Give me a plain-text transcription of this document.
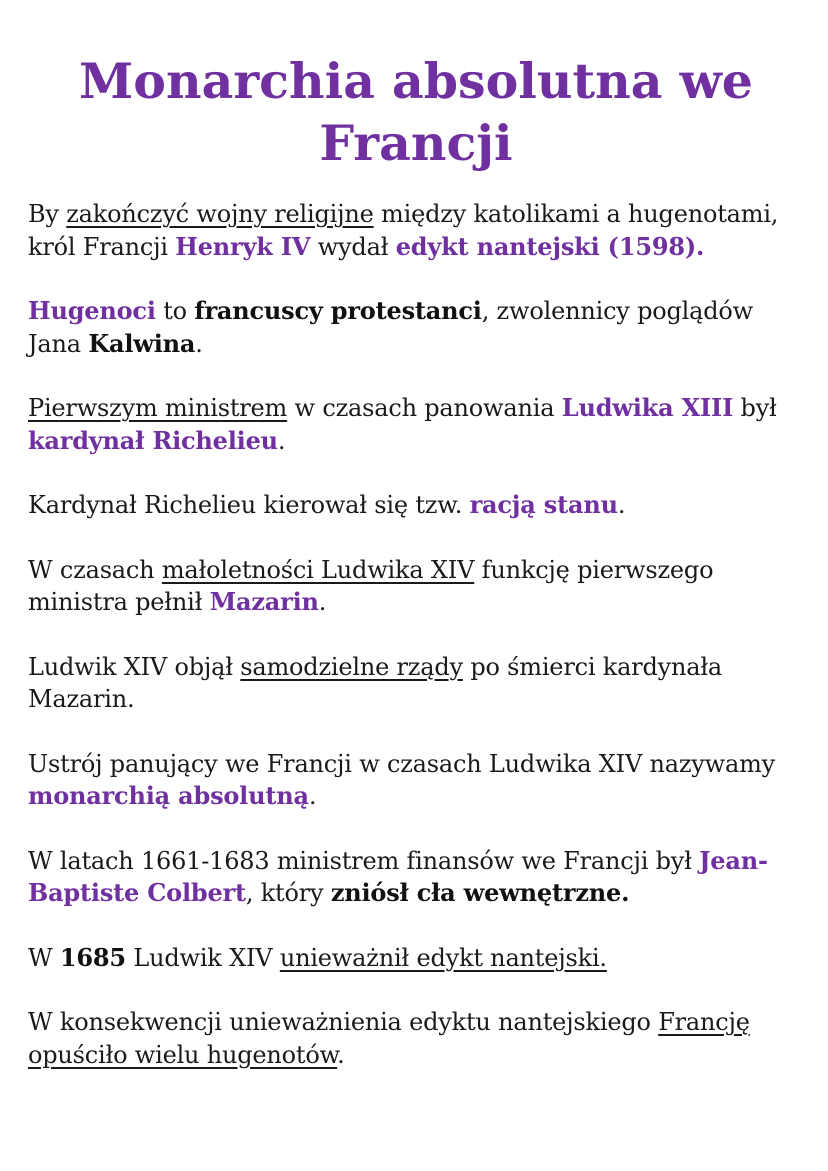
Monarchia absolutna we Francji

By zakończyć wojny religijne między katolikami a hugenotami, król Francji Henryk IV wydał edykt nantejski (1598).

Hugenoci to francuscy protestanci, zwolennicy poglądów Jana Kalwina.

Pierwszym ministrem w czasach panowania Ludwika XIII był kardynał Richelieu.

Kardynał Richelieu kierował się tzw. racją stanu.

W czasach małoletności Ludwika XIV funkcję pierwszego ministra pełnił Mazarin.

Ludwik XIV objął samodzielne rządy po śmierci kardynała Mazarin.

Ustrój panujący we Francji w czasach Ludwika XIV nazywamy monarchią absolutną.

W latach 1661-1683 ministrem finansów we Francji był Jean-Baptiste Colbert, który zniósł cła wewnętrzne.

W 1685 Ludwik XIV unieważnił edykt nantejski.

W konsekwencji unieważnienia edyktu nantejskiego Francję opuściło wielu hugenotów.
